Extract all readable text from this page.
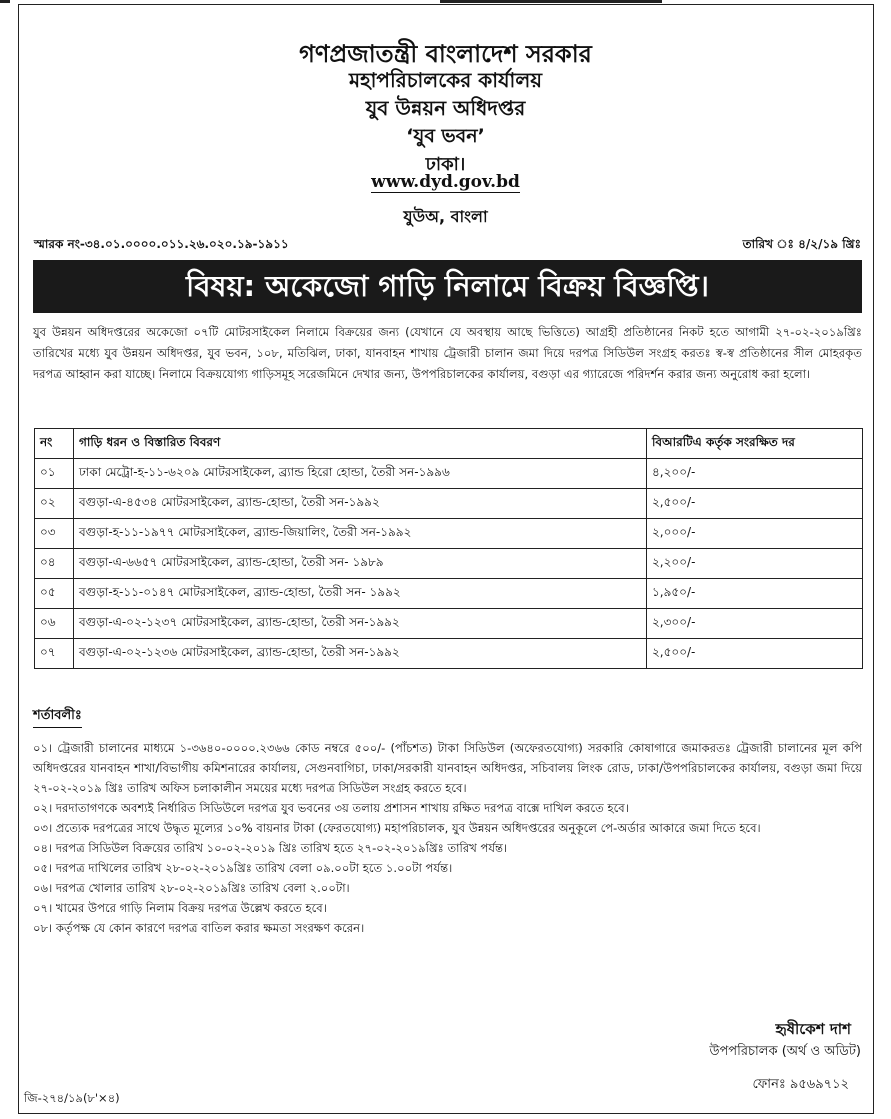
গণপ্রজাতন্ত্রী বাংলাদেশ সরকার
মহাপরিচালকের কার্যালয়
যুব উন্নয়ন অধিদপ্তর
‘যুব ভবন’
ঢাকা।
www.dyd.gov.bd
যুউঅ, বাংলা
স্মারক নং-৩৪.০১.০০০০.০১১.২৬.০২০.১৯-১৯১১	তারিখ ঃ ৪/২/১৯ খ্রিঃ
বিষয়: অকেজো গাড়ি নিলামে বিক্রয় বিজ্ঞপ্তি।
যুব উন্নয়ন অধিদপ্তরের অকেজো ০৭টি মোটরসাইকেল নিলামে বিক্রয়ের জন্য (যেখানে যে অবস্থায় আছে ভিত্তিতে) আগ্রহী প্রতিষ্ঠানের নিকট হতে আগামী ২৭-০২-২০১৯খ্রিঃ তারিখের মধ্যে যুব উন্নয়ন অধিদপ্তর, যুব ভবন, ১০৮, মতিঝিল, ঢাকা, যানবাহন শাখায় ট্রেজারী চালান জমা দিয়ে দরপত্র সিডিউল সংগ্রহ করতঃ স্ব-স্ব প্রতিষ্ঠানের সীল মোহরকৃত দরপত্র আহ্বান করা যাচ্ছে। নিলামে বিক্রয়যোগ্য গাড়িসমূহ সরেজমিনে দেখার জন্য, উপপরিচালকের কার্যালয়, বগুড়া এর গ্যারেজে পরিদর্শন করার জন্য অনুরোধ করা হলো।
নং	গাড়ি ধরন ও বিস্তারিত বিবরণ	বিআরটিএ কর্তৃক সংরক্ষিত দর
০১	ঢাকা মেট্রো-হ-১১-৬২০৯ মোটরসাইকেল, ব্র্যান্ড হিরো হোন্ডা, তৈরী সন-১৯৯৬	৪,২০০/-
০২	বগুড়া-এ-৪৫৩৪ মোটরসাইকেল, ব্র্যান্ড-হোন্ডা, তৈরী সন-১৯৯২	২,৫০০/-
০৩	বগুড়া-হ-১১-১৯৭৭ মোটরসাইকেল, ব্র্যান্ড-জিয়ালিং, তৈরী সন-১৯৯২	২,০০০/-
০৪	বগুড়া-এ-৬৬৫৭ মোটরসাইকেল, ব্র্যান্ড-হোন্ডা, তৈরী সন- ১৯৮৯	২,২০০/-
০৫	বগুড়া-হ-১১-০১৪৭ মোটরসাইকেল, ব্র্যান্ড-হোন্ডা, তৈরী সন- ১৯৯২	১,৯৫০/-
০৬	বগুড়া-এ-০২-১২৩৭ মোটরসাইকেল, ব্র্যান্ড-হোন্ডা, তৈরী সন-১৯৯২	২,৩০০/-
০৭	বগুড়া-এ-০২-১২৩৬ মোটরসাইকেল, ব্র্যান্ড-হোন্ডা, তৈরী সন-১৯৯২	২,৫০০/-
শর্তাবলীঃ

০১। ট্রেজারী চালানের মাধ্যমে ১-৩৬৪০-০০০০.২৩৬৬ কোড নম্বরে ৫০০/- (পাঁচশত) টাকা সিডিউল (অফেরতযোগ্য) সরকারি কোষাগারে জমাকরতঃ ট্রেজারী চালানের মূল কপি অধিদপ্তরের যানবাহন শাখা/বিভাগীয় কমিশনারের কার্যালয়, সেগুনবাগিচা, ঢাকা/সরকারী যানবাহন অধিদপ্তর, সচিবালয় লিংক রোড, ঢাকা/উপপরিচালকের কার্যালয়, বগুড়া জমা দিয়ে ২৭-০২-২০১৯ খ্রিঃ তারিখ অফিস চলাকালীন সময়ের মধ্যে দরপত্র সিডিউল সংগ্রহ করতে হবে।

০২। দরদাতাগণকে অবশ্যই নির্ধারিত সিডিউলে দরপত্র যুব ভবনের ৩য় তলায় প্রশাসন শাখায় রক্ষিত দরপত্র বাক্সে দাখিল করতে হবে।

০৩। প্রত্যেক দরপত্রের সাথে উদ্ধৃত মূল্যের ১০% বায়নার টাকা (ফেরতযোগ্য) মহাপরিচালক, যুব উন্নয়ন অধিদপ্তরের অনুকূলে পে-অর্ডার আকারে জমা দিতে হবে।

০৪। দরপত্র সিডিউল বিক্রয়ের তারিখ ১০-০২-২০১৯ খ্রিঃ তারিখ হতে ২৭-০২-২০১৯খ্রিঃ তারিখ পর্যন্ত।

০৫। দরপত্র দাখিলের তারিখ ২৮-০২-২০১৯খ্রিঃ তারিখ বেলা ০৯.০০টা হতে ১.০০টা পর্যন্ত।

০৬। দরপত্র খোলার তারিখ ২৮-০২-২০১৯খ্রিঃ তারিখ বেলা ২.০০টা।

০৭। খামের উপরে গাড়ি নিলাম বিক্রয় দরপত্র উল্লেখ করতে হবে।

০৮। কর্তৃপক্ষ যে কোন কারণে দরপত্র বাতিল করার ক্ষমতা সংরক্ষণ করেন।

হৃষীকেশ দাশ
উপপরিচালক (অর্থ ও অডিট)
ফোনঃ ৯৫৬৯৭১২
জি-২৭৪/১৯(৮'×৪)
